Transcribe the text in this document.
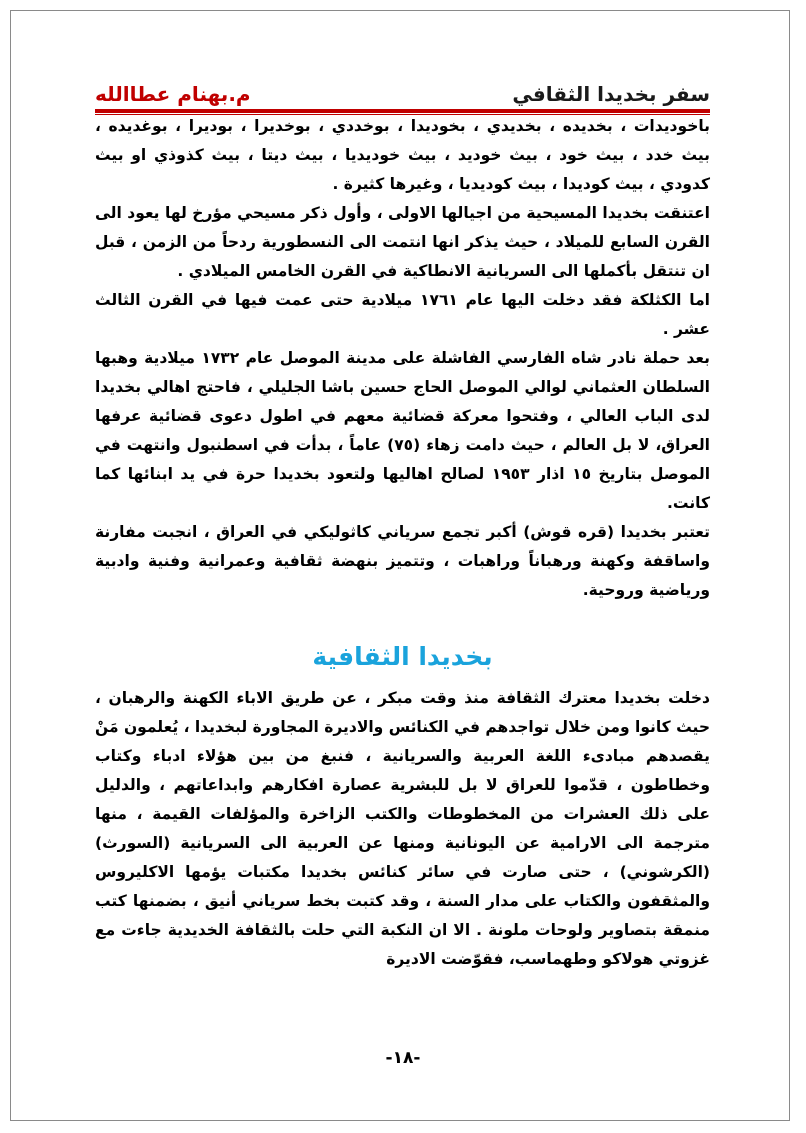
سفر بخديدا الثقافي
م.بهنام عطاالله

باخوديدات ، بخديده ، بخديدي ، بخوديدا ، بوخددي ، بوخديرا ، بوديرا ، بوغديده ، بيث خدد ، بيث خود ، بيث خوديد ، بيث خوديديا ، بيث ديتا ، بيث كذوذي او بيث كدودي ، بيث كوديدا ، بيث كوديديا ، وغيرها كثيرة .

اعتنقت بخديدا المسيحية من اجيالها الاولى ، وأول ذكر مسيحي مؤرخ لها يعود الى القرن السابع للميلاد ، حيث يذكر انها انتمت الى النسطورية ردحاً من الزمن ، قبل ان تنتقل بأكملها الى السريانية الانطاكية في القرن الخامس الميلادي .

اما الكثلكة فقد دخلت اليها عام ١٧٦١ ميلادية حتى عمت فيها في القرن الثالث عشر .

بعد حملة نادر شاه الفارسي الفاشلة على مدينة الموصل عام ١٧٣٢ ميلادية وهبها السلطان العثماني لوالي الموصل الحاج حسين باشا الجليلي ، فاحتج اهالي بخديدا لدى الباب العالي ، وفتحوا معركة قضائية معهم في اطول دعوى قضائية عرفها العراق، لا بل العالم ، حيث دامت زهاء (٧٥) عاماً ، بدأت في اسطنبول وانتهت في الموصل بتاريخ ١٥ اذار ١٩٥٣ لصالح اهاليها ولتعود بخديدا حرة في يد ابنائها كما كانت.

تعتبر بخديدا (قره قوش) أكبر تجمع سرياني كاثوليكي في العراق ، انجبت مفارنة واساقفة وكهنة ورهباناً وراهبات ، وتتميز بنهضة ثقافية وعمرانية وفنية وادبية ورياضية وروحية.

بخديدا الثقافية

دخلت بخديدا معترك الثقافة منذ وقت مبكر ، عن طريق الاباء الكهنة والرهبان ، حيث كانوا ومن خلال تواجدهم في الكنائس والاديرة المجاورة لبخديدا ، يُعلمون مَنْ يقصدهم مبادىء اللغة العربية والسريانية ، فنبغ من بين هؤلاء ادباء وكتاب وخطاطون ، قدّموا للعراق لا بل للبشرية عصارة افكارهم وابداعاتهم ، والدليل على ذلك العشرات من المخطوطات والكتب الزاخرة والمؤلفات القيمة ، منها مترجمة الى الارامية عن اليونانية ومنها عن العربية الى السريانية (السورث) (الكرشوني) ، حتى صارت في سائر كنائس بخديدا مكتبات يؤمها الاكليروس والمثقفون والكتاب على مدار السنة ، وقد كتبت بخط سرياني أنيق ، بضمنها كتب منمقة بتصاوير ولوحات ملونة . الا ان النكبة التي حلت بالثقافة الخديدية جاءت مع غزوتي هولاكو وطهماسب، فقوّضت الاديرة

-١٨-
